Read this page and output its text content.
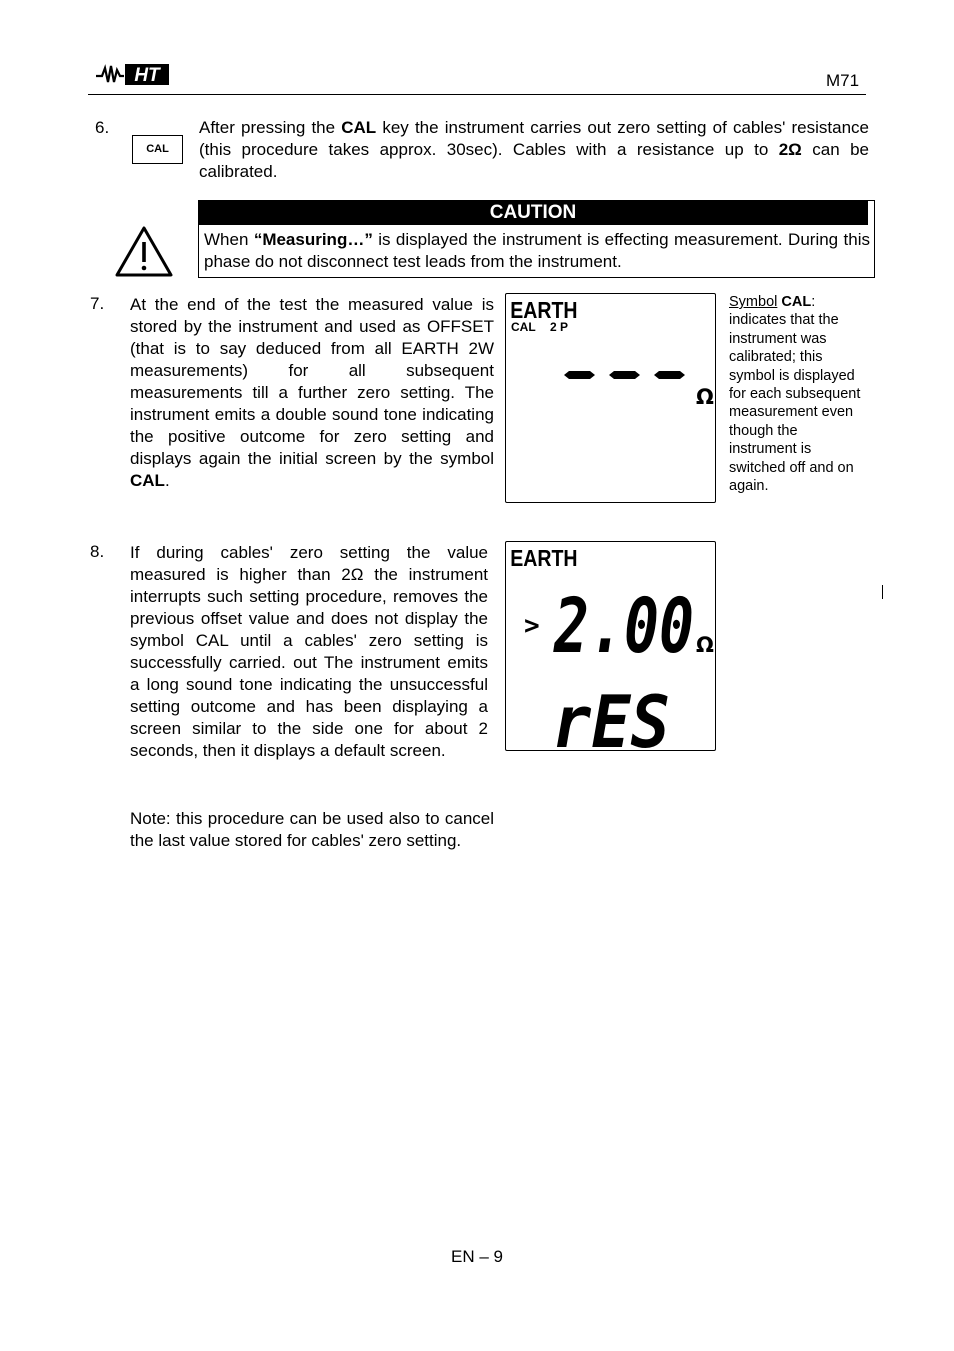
HT	M71
6.
CAL
After pressing the CAL key the instrument carries out zero setting of cables' resistance (this procedure takes approx. 30sec). Cables with a resistance up to 2Ω can be calibrated.
CAUTION
When “Measuring…” is displayed the instrument is effecting measurement. During this phase do not disconnect test leads from the instrument.
7. At the end of the test the measured value is stored by the instrument and used as OFFSET (that is to say deduced from all EARTH 2W measurements) for all subsequent measurements till a further zero setting. The instrument emits a double sound tone indicating the positive outcome for zero setting and displays again the initial screen by the symbol CAL.
EARTH
CAL 2 P
Ω
Symbol CAL: indicates that the instrument was calibrated; this symbol is displayed for each subsequent measurement even though the instrument is switched off and on again.
8. If during cables' zero setting the value measured is higher than 2Ω the instrument interrupts such setting procedure, removes the previous offset value and does not display the symbol CAL until a cables' zero setting is successfully carried. out The instrument emits a long sound tone indicating the unsuccessful setting outcome and has been displaying a screen similar to the side one for about 2 seconds, then it displays a default screen.
Note: this procedure can be used also to cancel the last value stored for cables' zero setting.
EARTH
> 2.00 Ω
rES
EN – 9
